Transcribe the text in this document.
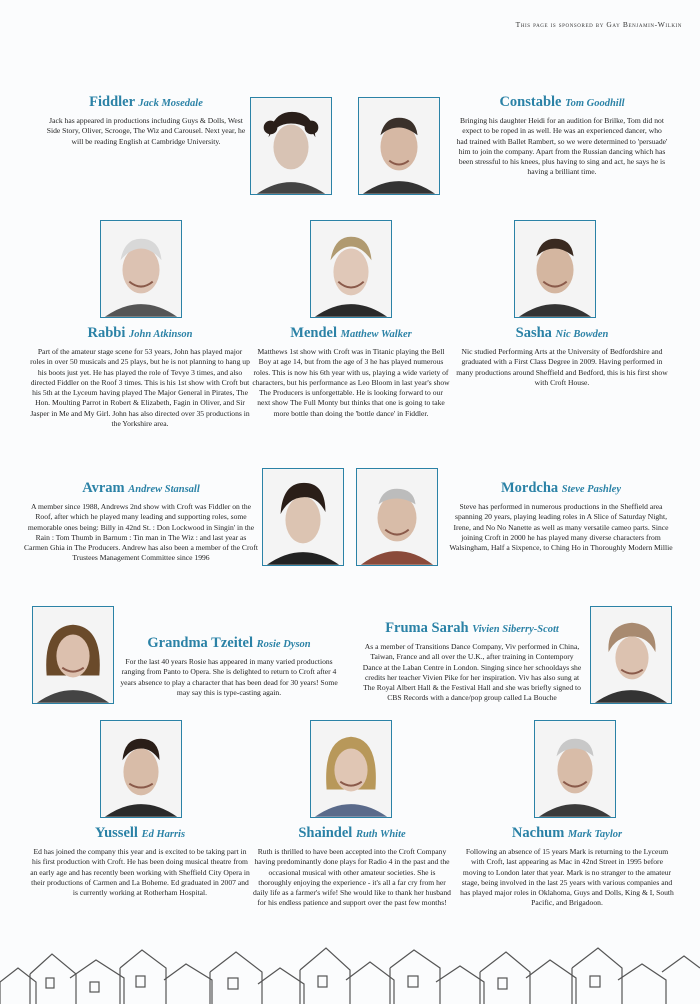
This page is sponsored by Gay Benjamin-Wilkin
Fiddler Jack Mosedale

Jack has appeared in productions including Guys & Dolls, West Side Story, Oliver, Scrooge, The Wiz and Carousel. Next year, he will be reading English at Cambridge University.

Constable Tom Goodhill

Bringing his daughter Heidi for an audition for Brilke, Tom did not expect to be roped in as well. He was an experienced dancer, who had trained with Ballet Rambert, so we were determined to 'persuade' him to join the company. Apart from the Russian dancing which has been stressful to his knees, plus having to sing and act, he says he is having a brilliant time.

Rabbi John Atkinson

Part of the amateur stage scene for 53 years, John has played major roles in over 50 musicals and 25 plays, but he is not planning to hang up his boots just yet. He has played the role of Tevye 3 times, and also directed Fiddler on the Roof 3 times. This is his 1st show with Croft but his 5th at the Lyceum having played The Major General in Pirates, The Hon. Moulting Parrot in Robert & Elizabeth, Fagin in Oliver, and Sir Jasper in Me and My Girl. John has also directed over 35 productions in the Yorkshire area.

Mendel Matthew Walker

Matthews 1st show with Croft was in Titanic playing the Bell Boy at age 14, but from the age of 3 he has played numerous roles. This is now his 6th year with us, playing a wide variety of characters, but his performance as Leo Bloom in last year's show The Producers is unforgettable. He is looking forward to our next show The Full Monty but thinks that one is going to take more bottle than doing the 'bottle dance' in Fiddler.

Sasha Nic Bowden

Nic studied Performing Arts at the University of Bedfordshire and graduated with a First Class Degree in 2009. Having performed in many productions around Sheffield and Bedford, this is his first show with Croft House.

Avram Andrew Stansall

A member since 1988, Andrews 2nd show with Croft was Fiddler on the Roof, after which he played many leading and supporting roles, some memorable ones being: Billy in 42nd St. : Don Lockwood in Singin' in the Rain : Tom Thumb in Barnum : Tin man in The Wiz : and last year as Carmen Ghia in The Producers. Andrew has also been a member of the Croft Trustees Management Committee since 1996

Mordcha Steve Pashley

Steve has performed in numerous productions in the Sheffield area spanning 20 years, playing leading roles in A Slice of Saturday Night, Irene, and No No Nanette as well as many versatile cameo parts. Since joining Croft in 2000 he has played many diverse characters from Walsingham, Half a Sixpence, to Ching Ho in Thoroughly Modern Millie

Grandma Tzeitel Rosie Dyson

For the last 40 years Rosie has appeared in many varied productions ranging from Panto to Opera. She is delighted to return to Croft after 4 years absence to play a character that has been dead for 30 years! Some may say this is type-casting again.

Fruma Sarah Vivien Siberry-Scott

As a member of Transitions Dance Company, Viv performed in China, Taiwan, France and all over the U.K., after training in Contempory Dance at the Laban Centre in London. Singing since her schooldays she credits her teacher Vivien Pike for her inspiration. Viv has also sung at The Royal Albert Hall & the Festival Hall and she was briefly signed to CBS Records with a dance/pop group called La Bouche

Yussell Ed Harris

Ed has joined the company this year and is excited to be taking part in his first production with Croft. He has been doing musical theatre from an early age and has recently been working with Sheffield City Opera in their productions of Carmen and La Boheme. Ed graduated in 2007 and is currently working at Rotherham Hospital.

Shaindel Ruth White

Ruth is thrilled to have been accepted into the Croft Company having predominantly done plays for Radio 4 in the past and the occasional musical with other amateur societies. She is thoroughly enjoying the experience - it's all a far cry from her daily life as a farmer's wife! She would like to thank her husband for his endless patience and support over the past few months!

Nachum Mark Taylor

Following an absence of 15 years Mark is returning to the Lyceum with Croft, last appearing as Mac in 42nd Street in 1995 before moving to London later that year. Mark is no stranger to the amateur stage, being involved in the last 25 years with various companies and has played major roles in Oklahoma, Guys and Dolls, King & I, South Pacific, and Brigadoon.
